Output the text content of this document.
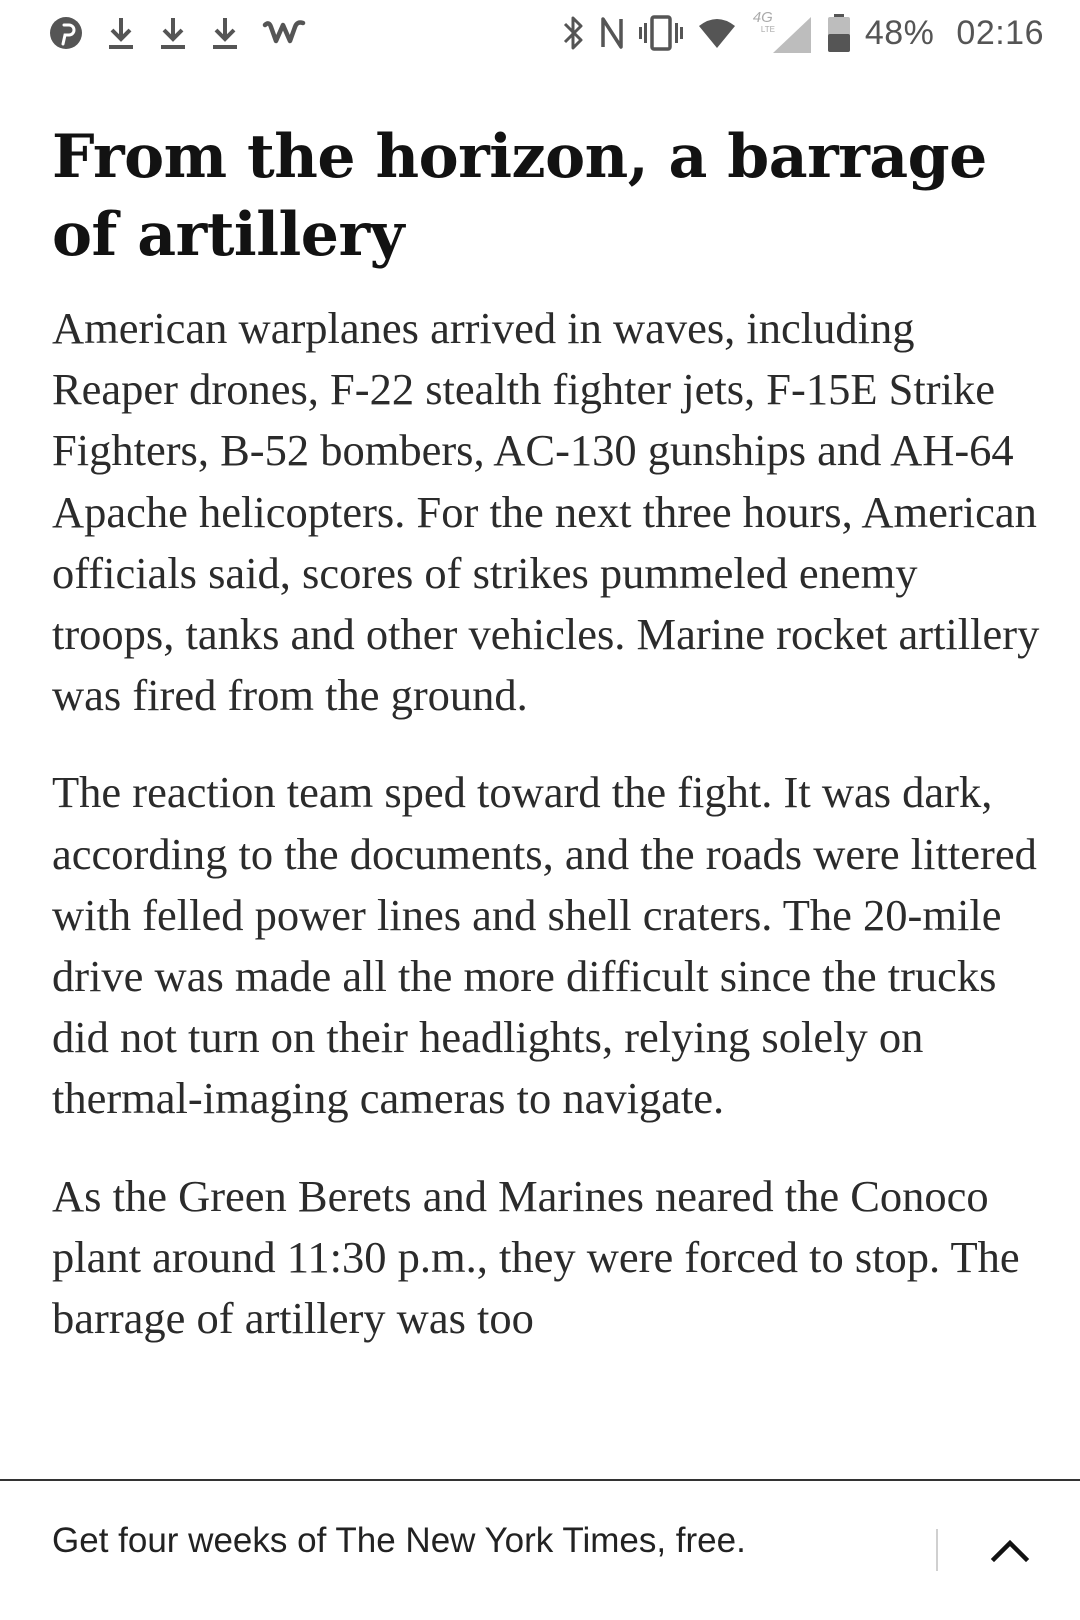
4G
LTE	48% 02:16
From the horizon, a barrage of artillery

American warplanes arrived in waves, including Reaper drones, F-22 stealth fighter jets, F-15E Strike Fighters, B-52 bombers, AC-130 gunships and AH-64 Apache helicopters. For the next three hours, American officials said, scores of strikes pummeled enemy troops, tanks and other vehicles. Marine rocket artillery was fired from the ground.

The reaction team sped toward the fight. It was dark, according to the documents, and the roads were littered with felled power lines and shell craters. The 20-mile drive was made all the more difficult since the trucks did not turn on their headlights, relying solely on thermal-imaging cameras to navigate.

As the Green Berets and Marines neared the Conoco plant around 11:30 p.m., they were forced to stop. The barrage of artillery was too

Get four weeks of The New York Times, free.
